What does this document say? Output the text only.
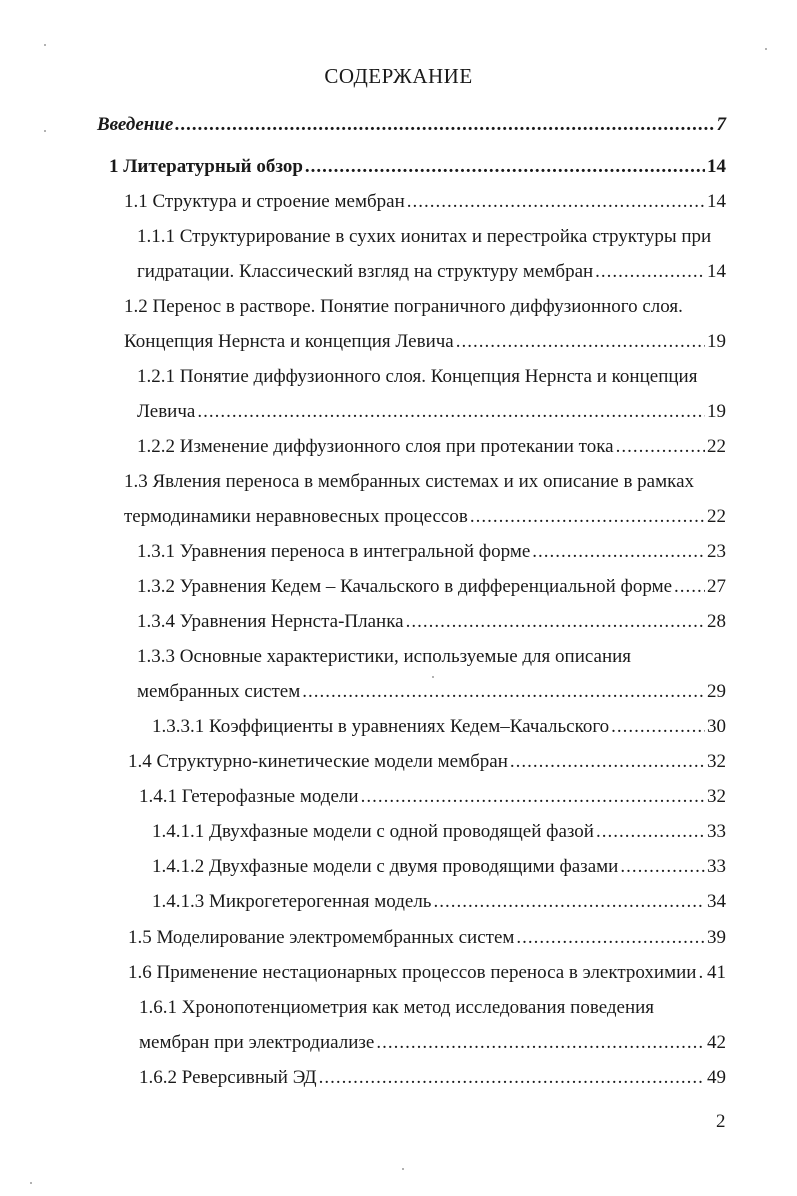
СОДЕРЖАНИЕ
Введение .....	7
1 Литературный обзор .....	14
1.1 Структура и строение мембран .....	14
1.1.1 Структурирование в сухих ионитах и перестройка структуры при
гидратации. Классический взгляд на структуру мембран .....	14
1.2 Перенос в растворе. Понятие пограничного диффузионного слоя.
Концепция Нернста и концепция Левича .....	19
1.2.1 Понятие диффузионного слоя. Концепция Нернста и концепция
Левича .....	19
1.2.2 Изменение диффузионного слоя при протекании тока .....	22
1.3 Явления переноса в мембранных системах и их описание в рамках
термодинамики неравновесных процессов .....	22
1.3.1 Уравнения переноса в интегральной форме .....	23
1.3.2 Уравнения Кедем – Качальского в дифференциальной форме ..... 27
1.3.4 Уравнения Нернста-Планка .....	28
1.3.3 Основные характеристики, используемые для описания
мембранных систем .....	29
1.3.3.1 Коэффициенты в уравнениях Кедем–Качальского .....	30
1.4 Структурно-кинетические модели мембран .....	32
1.4.1 Гетерофазные модели .....	32
1.4.1.1 Двухфазные модели с одной проводящей фазой .....	33
1.4.1.2 Двухфазные модели с двумя проводящими фазами .....	33
1.4.1.3 Микрогетерогенная модель .....	34
1.5 Моделирование электромембранных систем .....	39
1.6 Применение нестационарных процессов переноса в электрохимии ..... 41
1.6.1 Хронопотенциометрия как метод исследования поведения
мембран при электродиализе .....	42
1.6.2 Реверсивный ЭД .....	49
2
